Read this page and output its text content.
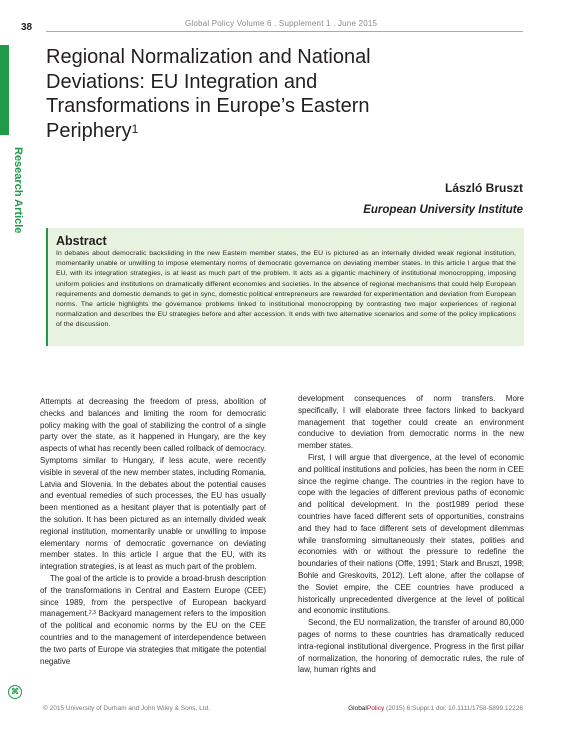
38	Global Policy Volume 6 . Supplement 1 . June 2015
Research Article
Regional Normalization and National Deviations: EU Integration and Transformations in Europe’s Eastern Periphery$^1$
László Bruszt
European University Institute
Abstract
In debates about democratic backsliding in the new Eastern member states, the EU is pictured as an internally divided weak regional institution, momentarily unable or unwilling to impose elementary norms of democratic governance on deviating member states. In this article I argue that the EU, with its integration strategies, is at least as much part of the problem. It acts as a gigantic machinery of institutional monocropping, imposing uniform policies and institutions on dramatically different economies and societies. In the absence of regional mechanisms that could help European requirements and domestic demands to get in sync, domestic political entrepreneurs are rewarded for experimentation and deviation from European norms. The article highlights the governance problems linked to institutional monocropping by contrasting two major experiences of regional normalization and describes the EU strategies before and after accession. It ends with two alternative scenarios and some of the policy implications of the discussion.

Attempts at decreasing the freedom of press, abolition of checks and balances and limiting the room for democratic policy making with the goal of stabilizing the control of a single party over the state, as it happened in Hungary, are the key aspects of what has recently been called rollback of democracy. Symptoms similar to Hungary, if less acute, were recently visible in several of the new member states, including Romania, Latvia and Slovenia. In the debates about the potential causes and eventual remedies of such processes, the EU has usually been mentioned as a hesitant player that is potentially part of the solution. It has been pictured as an internally divided weak regional institution, momentarily unable or unwilling to impose elementary norms of democratic governance on deviating member states. In this article I argue that the EU, with its integration strategies, is at least as much part of the problem.

The goal of the article is to provide a broad-brush description of the transformations in Central and Eastern Europe (CEE) since 1989, from the perspective of European backyard management.$^{2,3}$ Backyard management refers to the imposition of the political and economic norms by the EU on the CEE countries and to the management of interdependence between the two parts of Europe via strategies that mitigate the potential negative

development consequences of norm transfers. More specifically, I will elaborate three factors linked to backyard management that together could create an environment conducive to deviation from democratic norms in the new member states.

First, I will argue that divergence, at the level of economic and political institutions and policies, has been the norm in CEE since the regime change. The countries in the region have to cope with the legacies of different previous paths of economic and political development. In the post1989 period these countries have faced different sets of opportunities, constrains and they had to face different sets of development dilemmas while transforming simultaneously their states, polities and economies with or without the pressure to redefine the boundaries of their nations (Offe, 1991; Stark and Bruszt, 1998; Bohle and Greskovits, 2012). Left alone, after the collapse of the Soviet empire, the CEE countries have produced a historically unprecedented divergence at the level of political and economic institutions.

Second, the EU normalization, the transfer of around 80,000 pages of norms to these countries has dramatically reduced intra-regional institutional divergence. Progress in the first pillar of normalization, the honoring of democratic rules, the rule of law, human rights and

⌘
© 2015 University of Durham and John Wiley & Sons, Ltd.	GlobalPolicy (2015) 6:Suppl.1 doi: 10.1111/1758-5899.12226
